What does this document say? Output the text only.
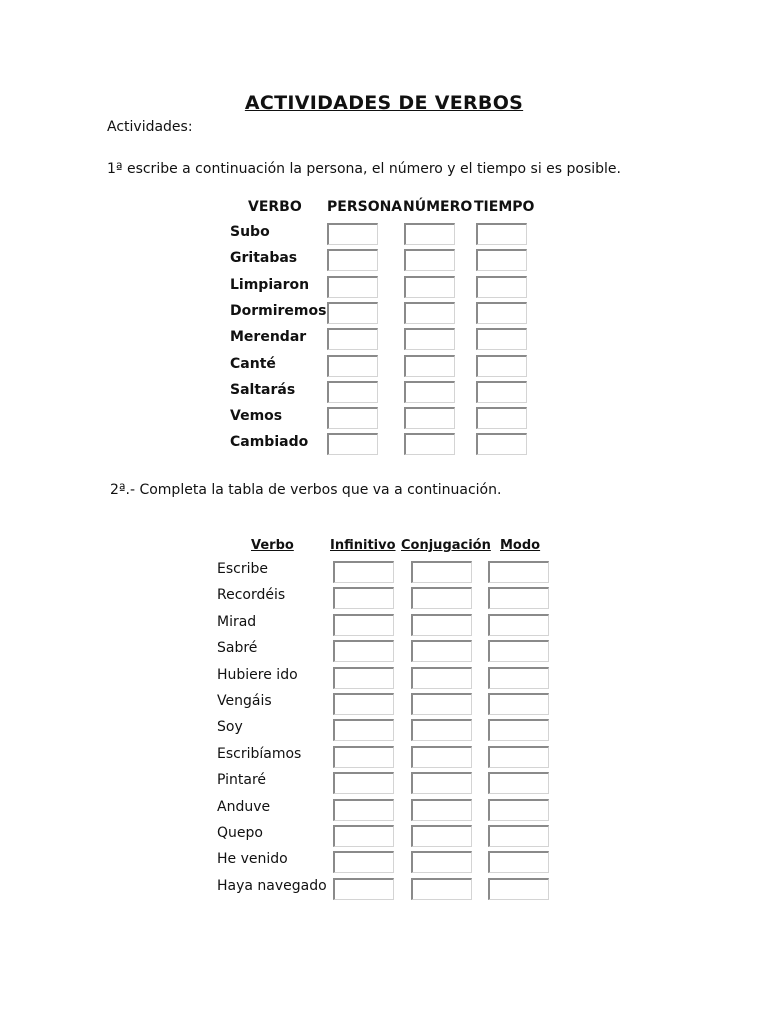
ACTIVIDADES DE VERBOS
Actividades:
1ª escribe a continuación la persona, el número y el tiempo si es posible.
VERBO PERSONA NÚMERO TIEMPO
Subo
Gritabas
Limpiaron
Dormiremos
Merendar
Canté
Saltarás
Vemos
Cambiado
2ª.- Completa la tabla de verbos que va a continuación.
Verbo	Infinitivo Conjugación Modo
Escribe
Recordéis
Mirad
Sabré
Hubiere ido
Vengáis
Soy
Escribíamos
Pintaré
Anduve
Quepo
He venido
Haya navegado
